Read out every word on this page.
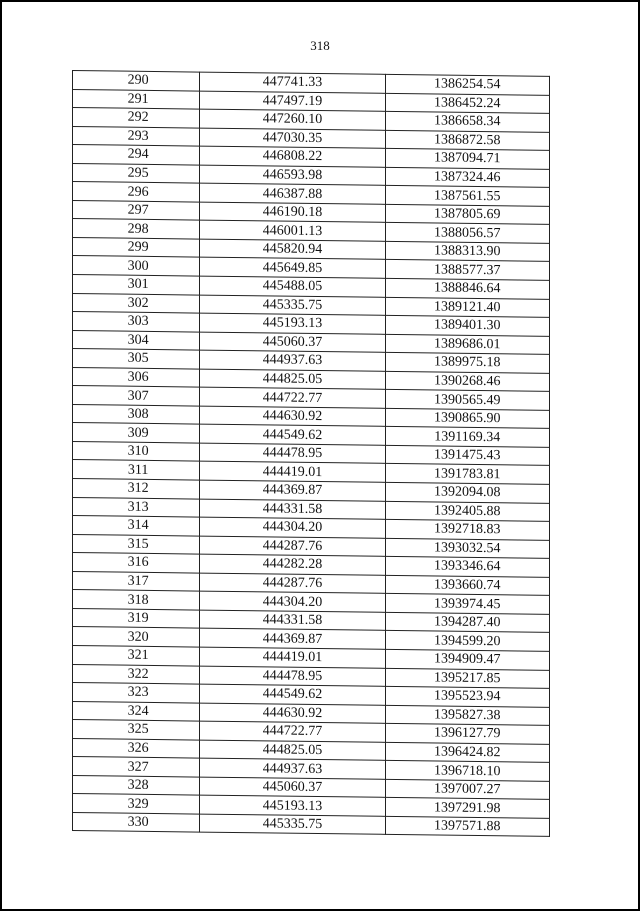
318
290	447741.33	1386254.54
291	447497.19	1386452.24
292	447260.10	1386658.34
293	447030.35	1386872.58
294	446808.22	1387094.71
295	446593.98	1387324.46
296	446387.88	1387561.55
297	446190.18	1387805.69
298	446001.13	1388056.57
299	445820.94	1388313.90
300	445649.85	1388577.37
301	445488.05	1388846.64
302	445335.75	1389121.40
303	445193.13	1389401.30
304	445060.37	1389686.01
305	444937.63	1389975.18
306	444825.05	1390268.46
307	444722.77	1390565.49
308	444630.92	1390865.90
309	444549.62	1391169.34
310	444478.95	1391475.43
311	444419.01	1391783.81
312	444369.87	1392094.08
313	444331.58	1392405.88
314	444304.20	1392718.83
315	444287.76	1393032.54
316	444282.28	1393346.64
317	444287.76	1393660.74
318	444304.20	1393974.45
319	444331.58	1394287.40
320	444369.87	1394599.20
321	444419.01	1394909.47
322	444478.95	1395217.85
323	444549.62	1395523.94
324	444630.92	1395827.38
325	444722.77	1396127.79
326	444825.05	1396424.82
327	444937.63	1396718.10
328	445060.37	1397007.27
329	445193.13	1397291.98
330	445335.75	1397571.88
